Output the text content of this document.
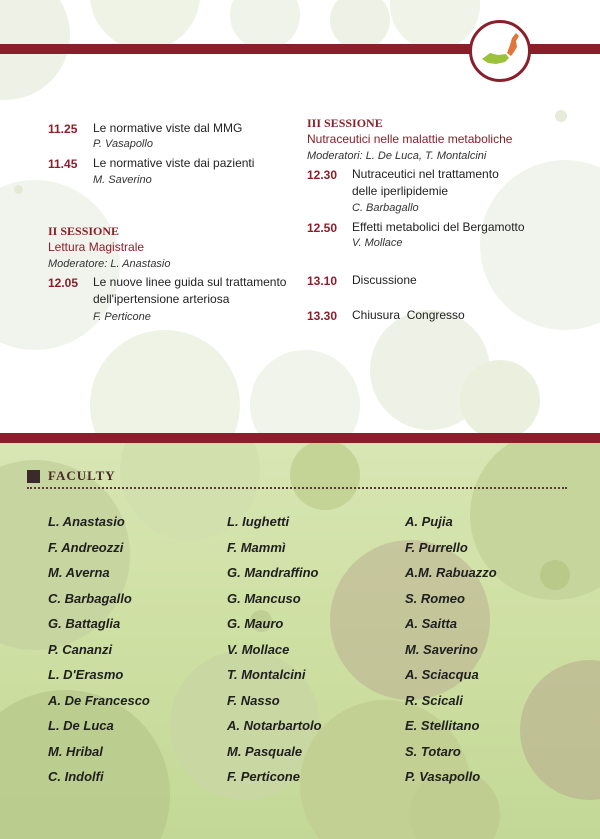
11.25 Le normative viste dal MMG
P. Vasapollo
11.45 Le normative viste dai pazienti
M. Saverino
II SESSIONE
Lettura Magistrale
Moderatore: L. Anastasio
12.05 Le nuove linee guida sul trattamento
dell'ipertensione arteriosa
F. Perticone
III SESSIONE
Nutraceutici nelle malattie metaboliche
Moderatori: L. De Luca, T. Montalcini
12.30 Nutraceutici nel trattamento
delle iperlipidemie
C. Barbagallo
12.50 Effetti metabolici del Bergamotto
V. Mollace
13.10 Discussione
13.30 Chiusura  Congresso
FACULTY
L. Anastasio
F. Andreozzi
M. Averna
C. Barbagallo
G. Battaglia
P. Cananzi
L. D'Erasmo
A. De Francesco
L. De Luca
M. Hribal
C. Indolfi
L. Iughetti
F. Mammì
G. Mandraffino
G. Mancuso
G. Mauro
V. Mollace
T. Montalcini
F. Nasso
A. Notarbartolo
M. Pasquale
F. Perticone
A. Pujia
F. Purrello
A.M. Rabuazzo
S. Romeo
A. Saitta
M. Saverino
A. Sciacqua
R. Scicali
E. Stellitano
S. Totaro
P. Vasapollo
